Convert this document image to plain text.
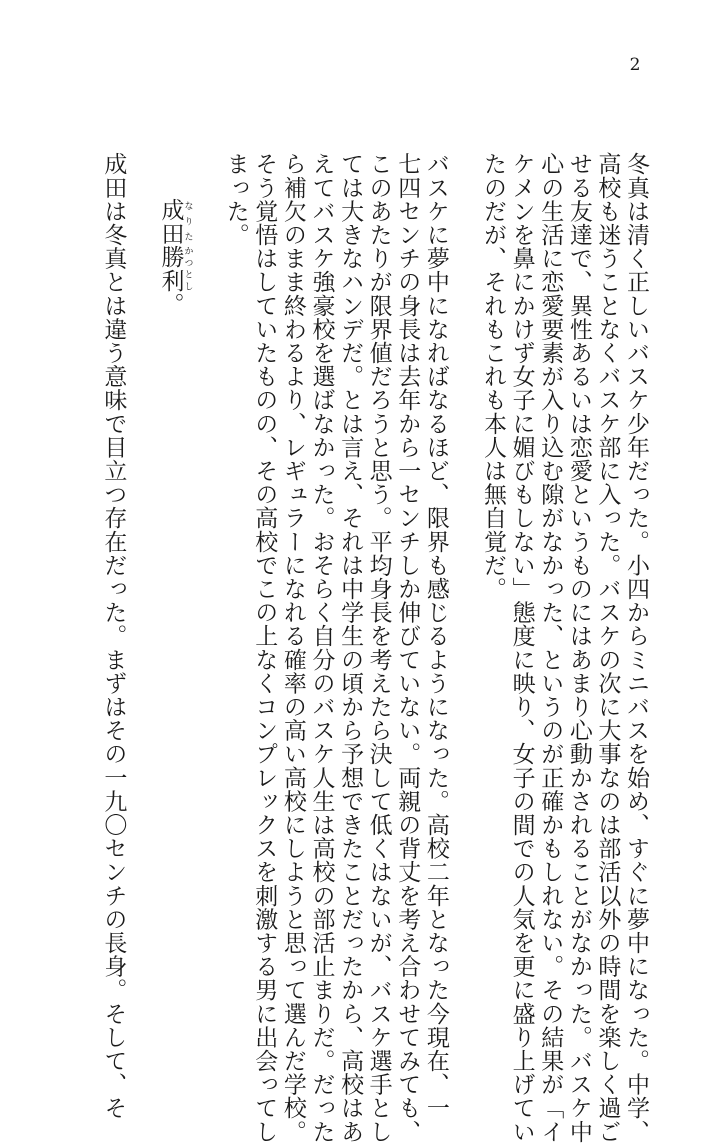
2
冬真は清く正しいバスケ少年だった。小四からミニバスを始め、すぐに夢中になった。中学、
高校も迷うことなくバスケ部に入った。バスケの次に大事なのは部活以外の時間を楽しく過ご
せる友達で、異性あるいは恋愛というものにはあまり心動かされることがなかった。バスケ中
心の生活に恋愛要素が入り込む隙がなかった、というのが正確かもしれない。その結果が「イ
ケメンを鼻にかけず女子に媚びもしない」態度に映り、女子の間での人気を更に盛り上げてい
たのだが、それもこれも本人は無自覚だ。
バスケに夢中になればなるほど、限界も感じるようになった。高校二年となった今現在、一
七四センチの身長は去年から一センチしか伸びていない。両親の背丈を考え合わせてみても、
このあたりが限界値だろうと思う。平均身長を考えたら決して低くはないが、バスケ選手とし
ては大きなハンデだ。とは言え、それは中学生の頃から予想できたことだったから、高校はあ
えてバスケ強豪校を選ばなかった。おそらく自分のバスケ人生は高校の部活止まりだ。だった
ら補欠のまま終わるより、レギュラーになれる確率の高い高校にしようと思って選んだ学校。
そう覚悟はしていたものの、その高校でこの上なくコンプレックスを刺激する男に出会ってし
まった。
成田 なりた勝利 かつとし。
成田は冬真とは違う意味で目立つ存在だった。まずはその一九〇センチの長身。そして、そ
